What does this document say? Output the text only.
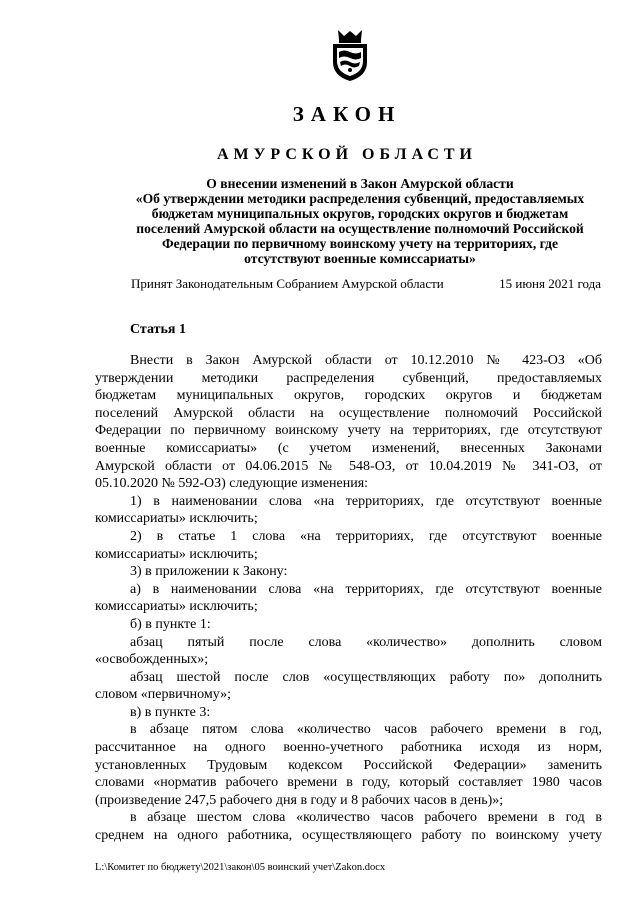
ЗАКОН
АМУРСКОЙ ОБЛАСТИ
О внесении изменений в Закон Амурской области
«Об утверждении методики распределения субвенций, предоставляемых
бюджетам муниципальных округов, городских округов и бюджетам
поселений Амурской области на осуществление полномочий Российской
Федерации по первичному воинскому учету на территориях, где
отсутствуют военные комиссариаты»
Принят Законодательным Собранием Амурской области	15 июня 2021 года
Статья 1
Внести в Закон Амурской области от 10.12.2010 № 423-ОЗ «Об
утверждении методики распределения субвенций, предоставляемых
бюджетам муниципальных округов, городских округов и бюджетам
поселений Амурской области на осуществление полномочий Российской
Федерации по первичному воинскому учету на территориях, где отсутствуют
военные комиссариаты» (с учетом изменений, внесенных Законами
Амурской области от 04.06.2015 № 548-ОЗ, от 10.04.2019 № 341-ОЗ, от
05.10.2020 № 592-ОЗ) следующие изменения:
1) в наименовании слова «на территориях, где отсутствуют военные
комиссариаты» исключить;
2) в статье 1 слова «на территориях, где отсутствуют военные
комиссариаты» исключить;
3) в приложении к Закону:
а) в наименовании слова «на территориях, где отсутствуют военные
комиссариаты» исключить;
б) в пункте 1:
абзац пятый после слова «количество» дополнить словом
«освобожденных»;
абзац шестой после слов «осуществляющих работу по» дополнить
словом «первичному»;
в) в пункте 3:
в абзаце пятом слова «количество часов рабочего времени в год,
рассчитанное на одного военно-учетного работника исходя из норм,
установленных Трудовым кодексом Российской Федерации» заменить
словами «норматив рабочего времени в году, который составляет 1980 часов
(произведение 247,5 рабочего дня в году и 8 рабочих часов в день)»;
в абзаце шестом слова «количество часов рабочего времени в год в
среднем на одного работника, осуществляющего работу по воинскому учету
L:\Комитет по бюджету\2021\закон\05 воинский учет\Zakon.docx
